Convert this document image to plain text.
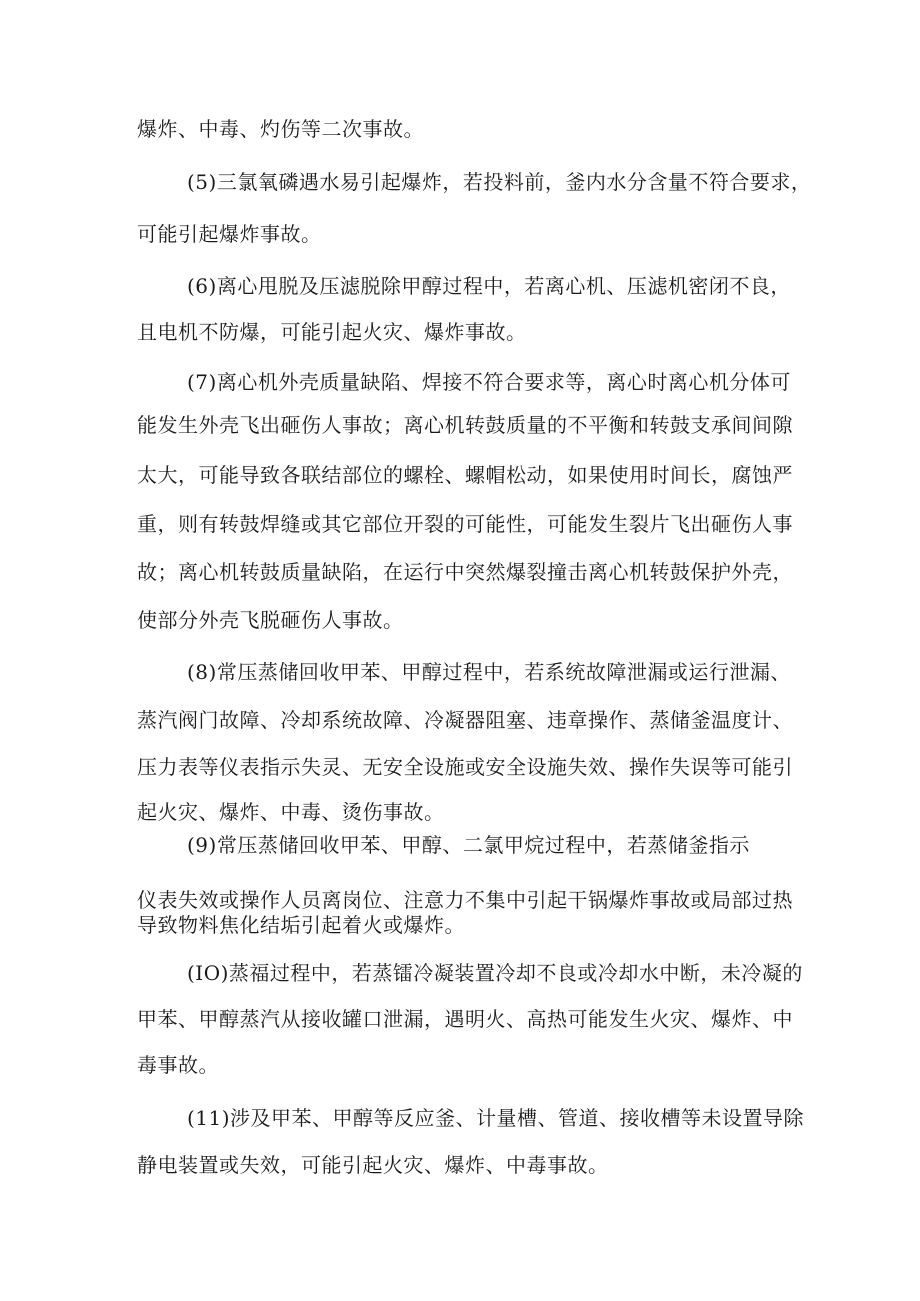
爆炸、中毒、灼伤等二次事故。
(5)三氯氧磷遇水易引起爆炸，若投料前，釜内水分含量不符合要求，
可能引起爆炸事故。
(6)离心甩脱及压滤脱除甲醇过程中，若离心机、压滤机密闭不良，
且电机不防爆，可能引起火灾、爆炸事故。
(7)离心机外壳质量缺陷、焊接不符合要求等，离心时离心机分体可
能发生外壳飞出砸伤人事故；离心机转鼓质量的不平衡和转鼓支承间间隙
太大，可能导致各联结部位的螺栓、螺帽松动，如果使用时间长，腐蚀严
重，则有转鼓焊缝或其它部位开裂的可能性，可能发生裂片飞出砸伤人事
故；离心机转鼓质量缺陷，在运行中突然爆裂撞击离心机转鼓保护外壳，
使部分外壳飞脱砸伤人事故。
(8)常压蒸储回收甲苯、甲醇过程中，若系统故障泄漏或运行泄漏、
蒸汽阀门故障、冷却系统故障、冷凝器阻塞、违章操作、蒸储釜温度计、
压力表等仪表指示失灵、无安全设施或安全设施失效、操作失误等可能引
起火灾、爆炸、中毒、烫伤事故。
(9)常压蒸储回收甲苯、甲醇、二氯甲烷过程中，若蒸储釜指示
仪表失效或操作人员离岗位、注意力不集中引起干锅爆炸事故或局部过热
导致物料焦化结垢引起着火或爆炸。
(IO)蒸福过程中，若蒸镭冷凝装置冷却不良或冷却水中断，未冷凝的
甲苯、甲醇蒸汽从接收罐口泄漏，遇明火、高热可能发生火灾、爆炸、中
毒事故。
(11)涉及甲苯、甲醇等反应釜、计量槽、管道、接收槽等未设置导除
静电装置或失效，可能引起火灾、爆炸、中毒事故。
